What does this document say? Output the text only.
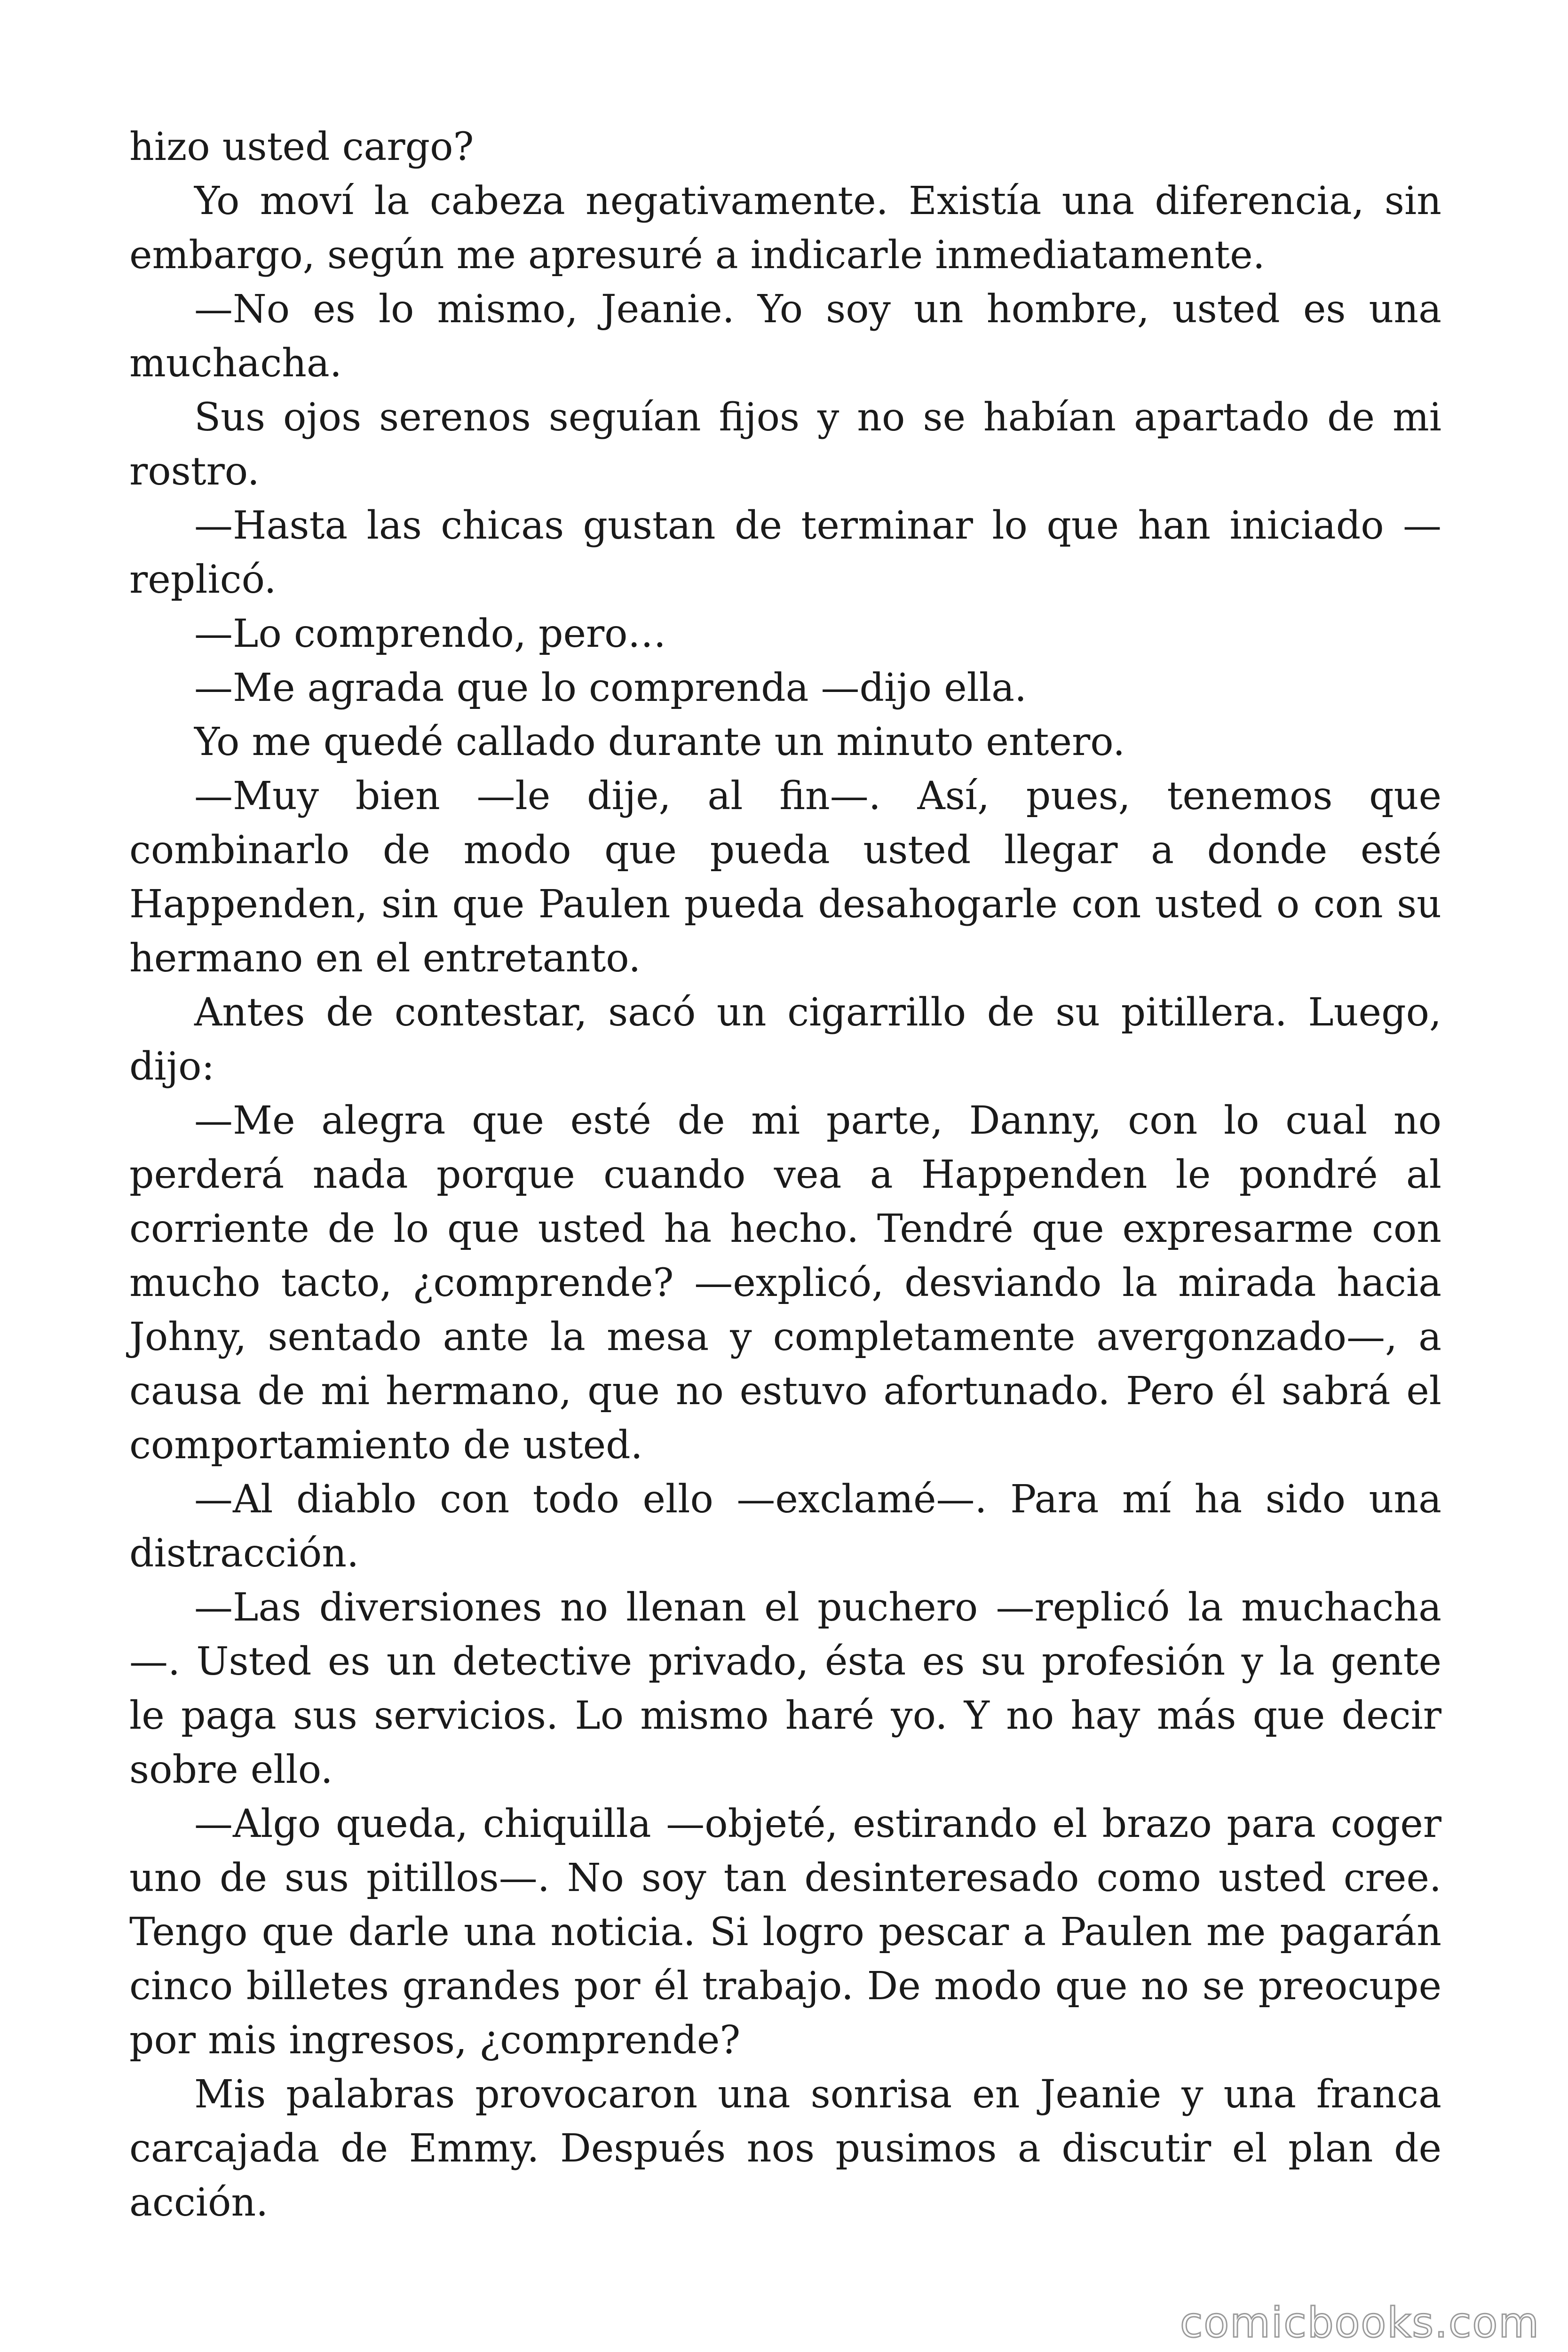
hizo usted cargo?

Yo moví la cabeza negativamente. Existía una diferencia, sin embargo, según me apresuré a indicarle inmediatamente.

—No es lo mismo, Jeanie. Yo soy un hombre, usted es una muchacha.

Sus ojos serenos seguían fijos y no se habían apartado de mi rostro.

—Hasta las chicas gustan de terminar lo que han iniciado —replicó.

—Lo comprendo, pero…

—Me agrada que lo comprenda —dijo ella.

Yo me quedé callado durante un minuto entero.

—Muy bien —le dije, al fin—. Así, pues, tenemos que combinarlo de modo que pueda usted llegar a donde esté Happenden, sin que Paulen pueda desahogarle con usted o con su hermano en el entretanto.

Antes de contestar, sacó un cigarrillo de su pitillera. Luego, dijo:

—Me alegra que esté de mi parte, Danny, con lo cual no perderá nada porque cuando vea a Happenden le pondré al corriente de lo que usted ha hecho. Tendré que expresarme con mucho tacto, ¿comprende? —explicó, desviando la mirada hacia Johny, sentado ante la mesa y completamente avergonzado—, a causa de mi hermano, que no estuvo afortunado. Pero él sabrá el comportamiento de usted.

—Al diablo con todo ello —exclamé—. Para mí ha sido una distracción.

—Las diversiones no llenan el puchero —replicó la muchacha—. Usted es un detective privado, ésta es su profesión y la gente le paga sus servicios. Lo mismo haré yo. Y no hay más que decir sobre ello.

—Algo queda, chiquilla —objeté, estirando el brazo para coger uno de sus pitillos—. No soy tan desinteresado como usted cree. Tengo que darle una noticia. Si logro pescar a Paulen me pagarán cinco billetes grandes por él trabajo. De modo que no se preocupe por mis ingresos, ¿comprende?

Mis palabras provocaron una sonrisa en Jeanie y una franca carcajada de Emmy. Después nos pusimos a discutir el plan de acción.

comicbooks.com
